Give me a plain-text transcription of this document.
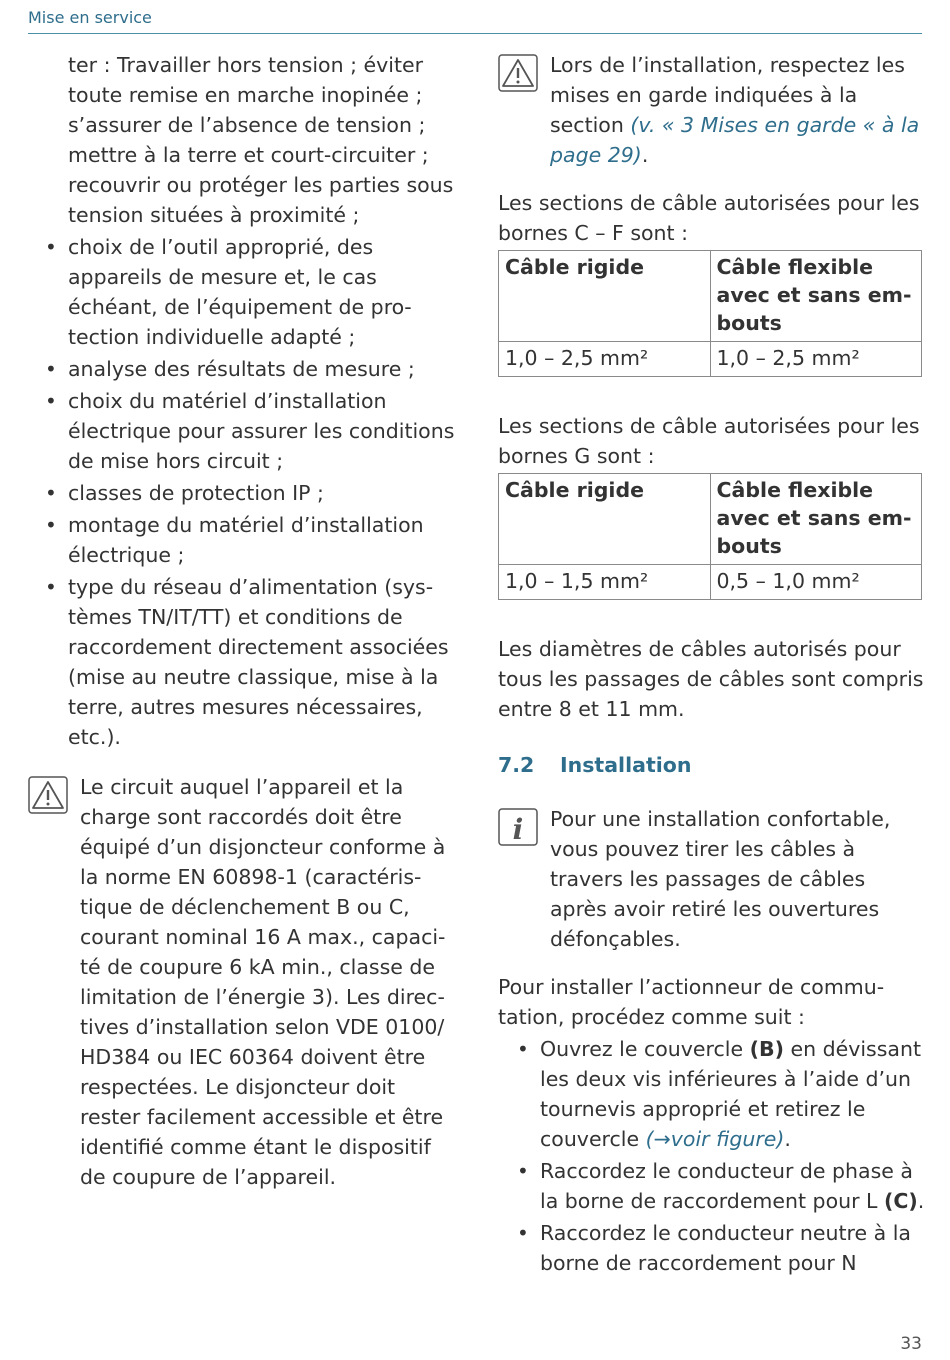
Mise en service

ter : Travailler hors tension ; éviter toute remise en marche inopinée ; s’assurer de l’absence de tension ; mettre à la terre et court-circuiter ; recouvrir ou protéger les parties sous tension situées à proximité ;

• choix de l’outil approprié, des appareils de mesure et, le cas échéant, de l’équipement de protection individuelle adapté ;
• analyse des résultats de mesure ;
• choix du matériel d’installation électrique pour assurer les conditions de mise hors circuit ;
• classes de protection IP ;
• montage du matériel d’installation électrique ;
• type du réseau d’alimentation (systèmes TN/IT/TT) et conditions de raccordement directement associées (mise au neutre classique, mise à la terre, autres mesures nécessaires, etc.).

Le circuit auquel l’appareil et la charge sont raccordés doit être équipé d’un disjoncteur conforme à la norme EN 60898-1 (caractéristique de déclenchement B ou C, courant nominal 16 A max., capacité de coupure 6 kA min., classe de limitation de l’énergie 3). Les directives d’installation selon VDE 0100/ HD384 ou IEC 60364 doivent être respectées. Le disjoncteur doit rester facilement accessible et être identifié comme étant le dispositif de coupure de l’appareil.

Lors de l’installation, respectez les mises en garde indiquées à la section (v. « 3 Mises en garde « à la page 29).

Les sections de câble autorisées pour les bornes C – F sont :

Câble rigide	Câble flexible avec et sans embouts
1,0 – 2,5 mm²	1,0 – 2,5 mm²

Les sections de câble autorisées pour les bornes G sont :

Câble rigide	Câble flexible avec et sans embouts
1,0 – 1,5 mm²	0,5 – 1,0 mm²

Les diamètres de câbles autorisés pour tous les passages de câbles sont compris entre 8 et 11 mm.

7.2 Installation

i Pour une installation confortable, vous pouvez tirer les câbles à travers les passages de câbles après avoir retiré les ouvertures défonçables.

Pour installer l’actionneur de commutation, procédez comme suit :

• Ouvrez le couvercle (B) en dévissant les deux vis inférieures à l’aide d’un tournevis approprié et retirez le couvercle (→voir figure).
• Raccordez le conducteur de phase à la borne de raccordement pour L (C).
• Raccordez le conducteur neutre à la borne de raccordement pour N
33
